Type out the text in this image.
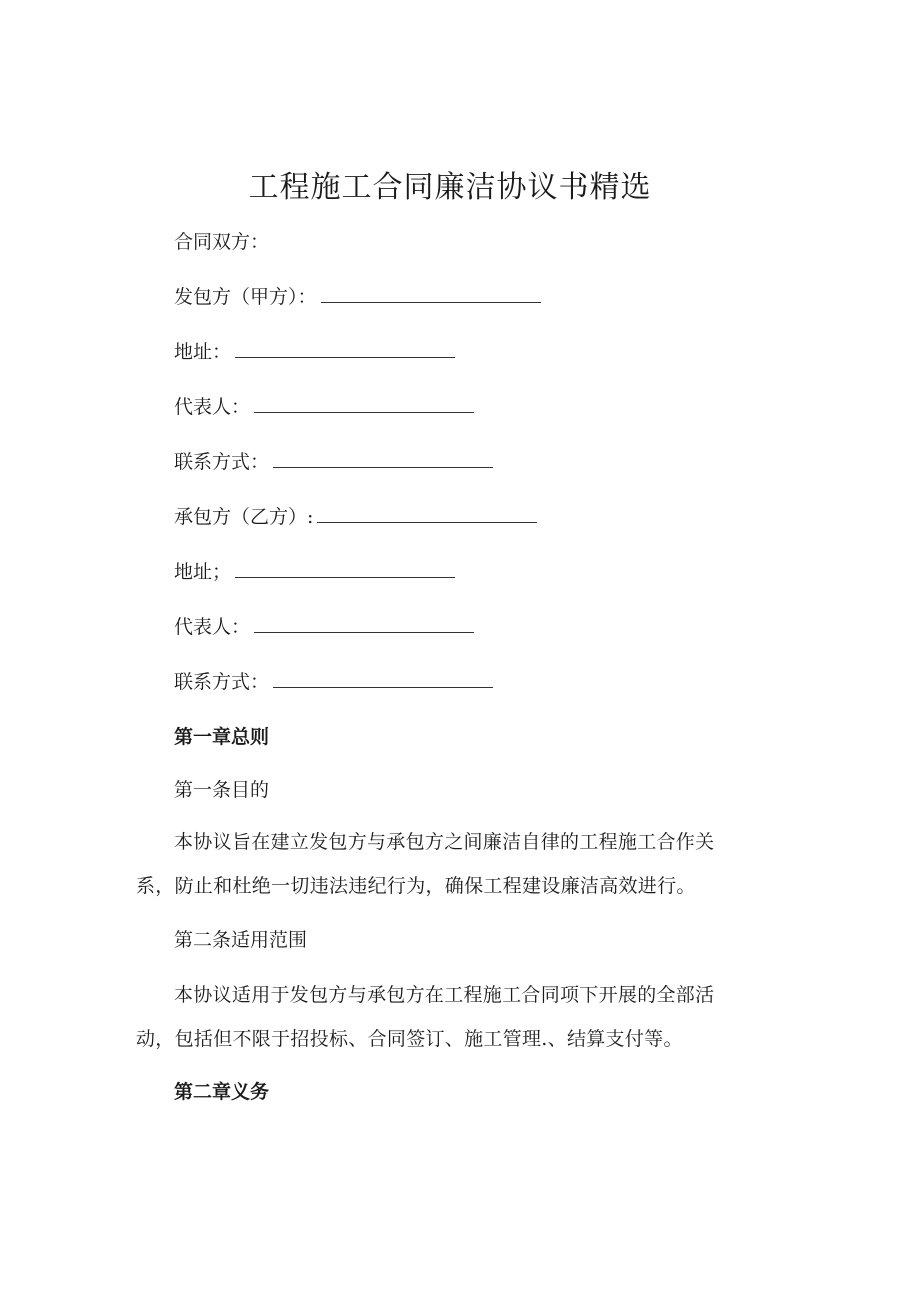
工程施工合同廉洁协议书精选
合同双方：
发包方（甲方）：
地址：
代表人：
联系方式：
承包方（乙方）:
地址；
代表人：
联系方式：
第一章总则
第一条目的

本协议旨在建立发包方与承包方之间廉洁自律的工程施工合作关系，防止和杜绝一切违法违纪行为，确保工程建设廉洁高效进行。

第二条适用范围

本协议适用于发包方与承包方在工程施工合同项下开展的全部活动，包括但不限于招投标、合同签订、施工管理.、结算支付等。

第二章义务
